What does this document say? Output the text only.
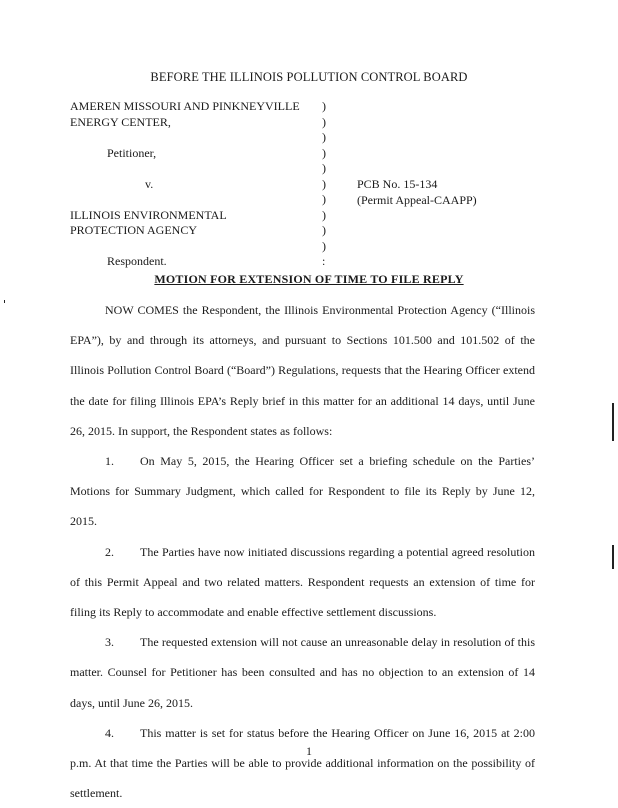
BEFORE THE ILLINOIS POLLUTION CONTROL BOARD
AMEREN MISSOURI AND PINKNEYVILLE
ENERGY CENTER,
Petitioner,
v.
ILLINOIS ENVIRONMENTAL
PROTECTION AGENCY
Respondent.
)
)
)
)
)
)
)
)
)
)
:
PCB No. 15-134
(Permit Appeal-CAAPP)
MOTION FOR EXTENSION OF TIME TO FILE REPLY

NOW COMES the Respondent, the Illinois Environmental Protection Agency (“Illinois EPA”), by and through its attorneys, and pursuant to Sections 101.500 and 101.502 of the Illinois Pollution Control Board (“Board”) Regulations, requests that the Hearing Officer extend the date for filing Illinois EPA’s Reply brief in this matter for an additional 14 days, until June 26, 2015. In support, the Respondent states as follows:

1. On May 5, 2015, the Hearing Officer set a briefing schedule on the Parties’ Motions for Summary Judgment, which called for Respondent to file its Reply by June 12, 2015.

2. The Parties have now initiated discussions regarding a potential agreed resolution of this Permit Appeal and two related matters. Respondent requests an extension of time for filing its Reply to accommodate and enable effective settlement discussions.

3. The requested extension will not cause an unreasonable delay in resolution of this matter. Counsel for Petitioner has been consulted and has no objection to an extension of 14 days, until June 26, 2015.

4. This matter is set for status before the Hearing Officer on June 16, 2015 at 2:00 p.m. At that time the Parties will be able to provide additional information on the possibility of settlement.

1
